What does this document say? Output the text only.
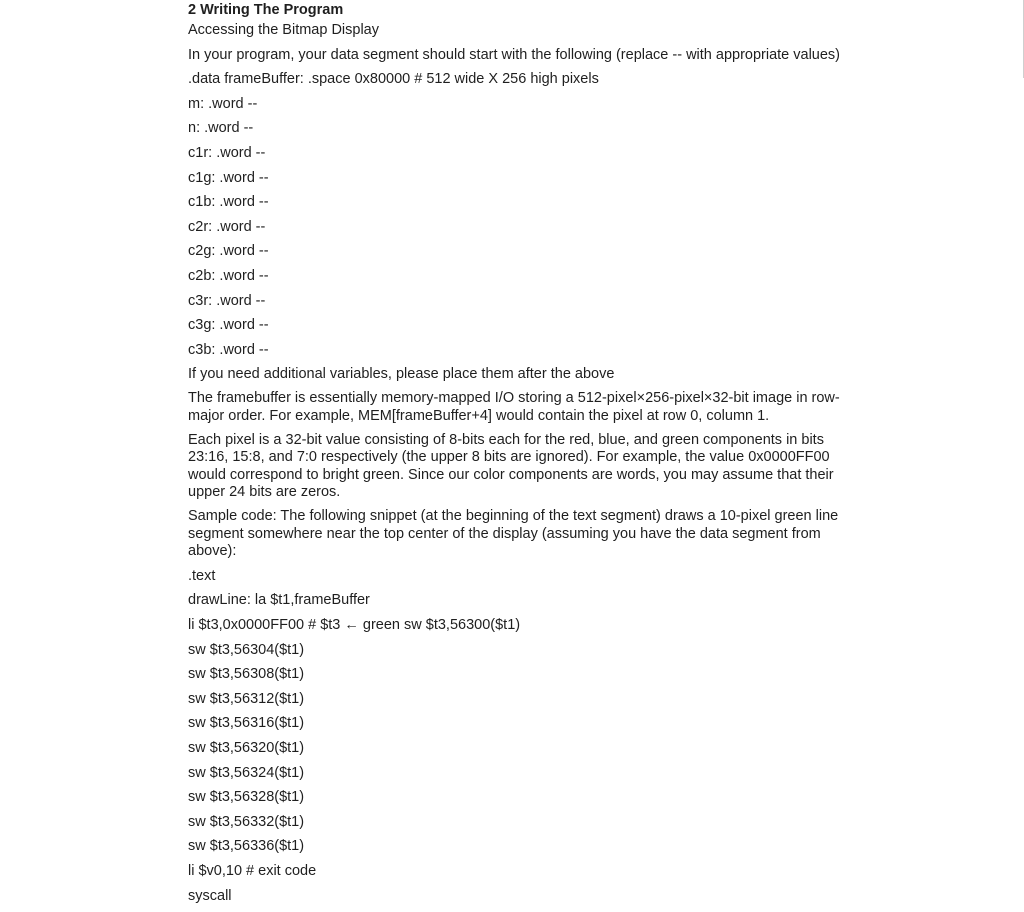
2 Writing The Program
Accessing the Bitmap Display
In your program, your data segment should start with the following (replace -- with appropriate values)
.data frameBuffer: .space 0x80000 # 512 wide X 256 high pixels
m: .word --
n: .word --
c1r: .word --
c1g: .word --
c1b: .word --
c2r: .word --
c2g: .word --
c2b: .word --
c3r: .word --
c3g: .word --
c3b: .word --
If you need additional variables, please place them after the above
The framebuffer is essentially memory-mapped I/O storing a 512-pixel×256-pixel×32-bit image in row-major order. For example, MEM[frameBuffer+4] would contain the pixel at row 0, column 1.
Each pixel is a 32-bit value consisting of 8-bits each for the red, blue, and green components in bits 23:16, 15:8, and 7:0 respectively (the upper 8 bits are ignored). For example, the value 0x0000FF00 would correspond to bright green. Since our color components are words, you may assume that their upper 24 bits are zeros.
Sample code: The following snippet (at the beginning of the text segment) draws a 10-pixel green line segment somewhere near the top center of the display (assuming you have the data segment from above):
.text
drawLine: la $t1,frameBuffer
li $t3,0x0000FF00 # $t3 ← green sw $t3,56300($t1)
sw $t3,56304($t1)
sw $t3,56308($t1)
sw $t3,56312($t1)
sw $t3,56316($t1)
sw $t3,56320($t1)
sw $t3,56324($t1)
sw $t3,56328($t1)
sw $t3,56332($t1)
sw $t3,56336($t1)
li $v0,10 # exit code
syscall
